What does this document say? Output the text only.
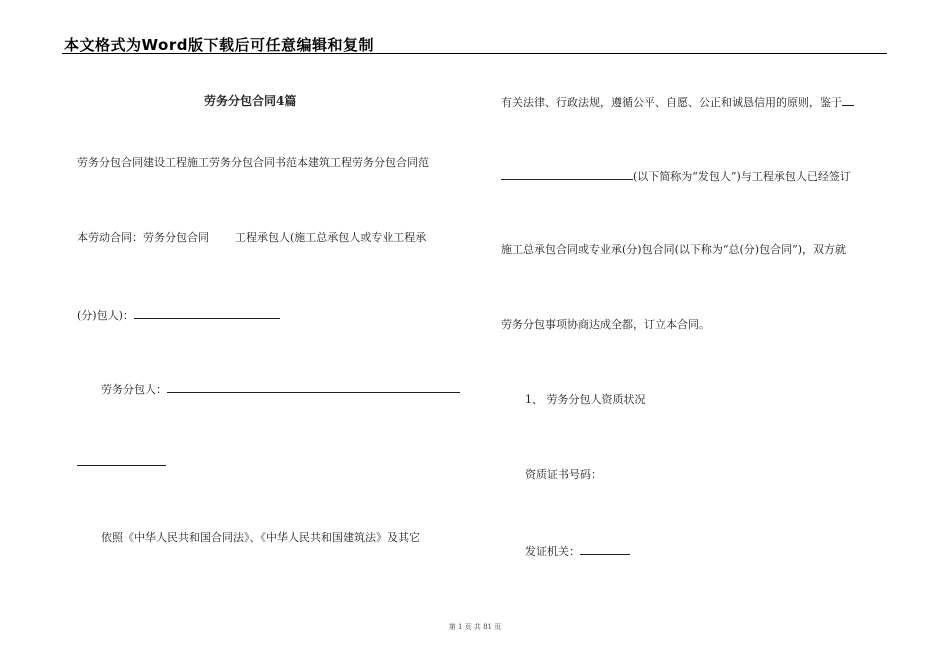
本文格式为Word版下载后可任意编辑和复制
劳务分包合同4篇
劳务分包合同建设工程施工劳务分包合同书范本建筑工程劳务分包合同范
本劳动合同：劳务分包合同 工程承包人(施工总承包人或专业工程承
(分)包人)：
劳务分包人：
依照《中华人民共和国合同法》、《中华人民共和国建筑法》及其它
有关法律、行政法规，遵循公平、自愿、公正和诚恳信用的原则，鉴于
(以下简称为“发包人”)与工程承包人已经签订
施工总承包合同或专业承(分)包合同(以下称为“总(分)包合同”)，双方就
劳务分包事项协商达成全都，订立本合同。
1、 劳务分包人资质状况
资质证书号码：
发证机关：
第 1 页 共 81 页
